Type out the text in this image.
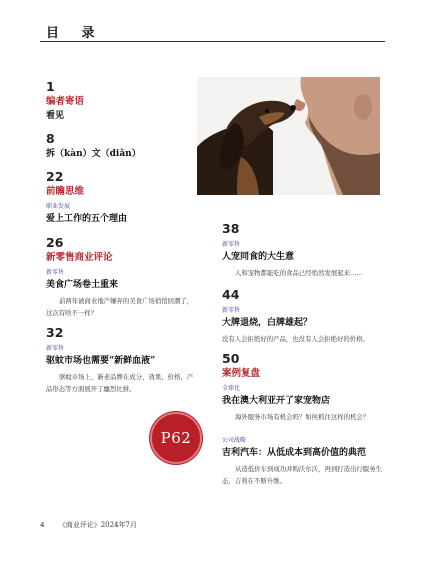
目 录
1
编者寄语
看见
8
拆（kàn）文（diǎn）
22
前瞻思维
职业发展
爱上工作的五个理由
26
新零售商业评论
新零售
美食广场卷土重来
前两年被商业地产嫌弃的美食广场悄悄回潮了，这次有啥不一样？
32
新零售
驱蚊市场也需要“新鲜血液”
驱蚊市场上，新老品牌在成分、效果、价格、产品形态等方面展开了鏖烈比拼。
38
新零售
人宠同食的大生意
人和宠物都能吃的食品已经悄然发展起来……
44
新零售
大牌退烧，白牌雄起？
没有人会拒绝好的产品，也没有人会拒绝好的价格。
50
案例复盘
全球化
我在澳大利亚开了家宠物店
海外服务市场有机会吗？如何抓住这样的机会？
公司战略
吉利汽车：从低成本到高价值的典范
从造低价车到成功并购沃尔沃，再到打造出行服务生态，吉利在不断升维。
P62
4 《商业评论》2024年7月
